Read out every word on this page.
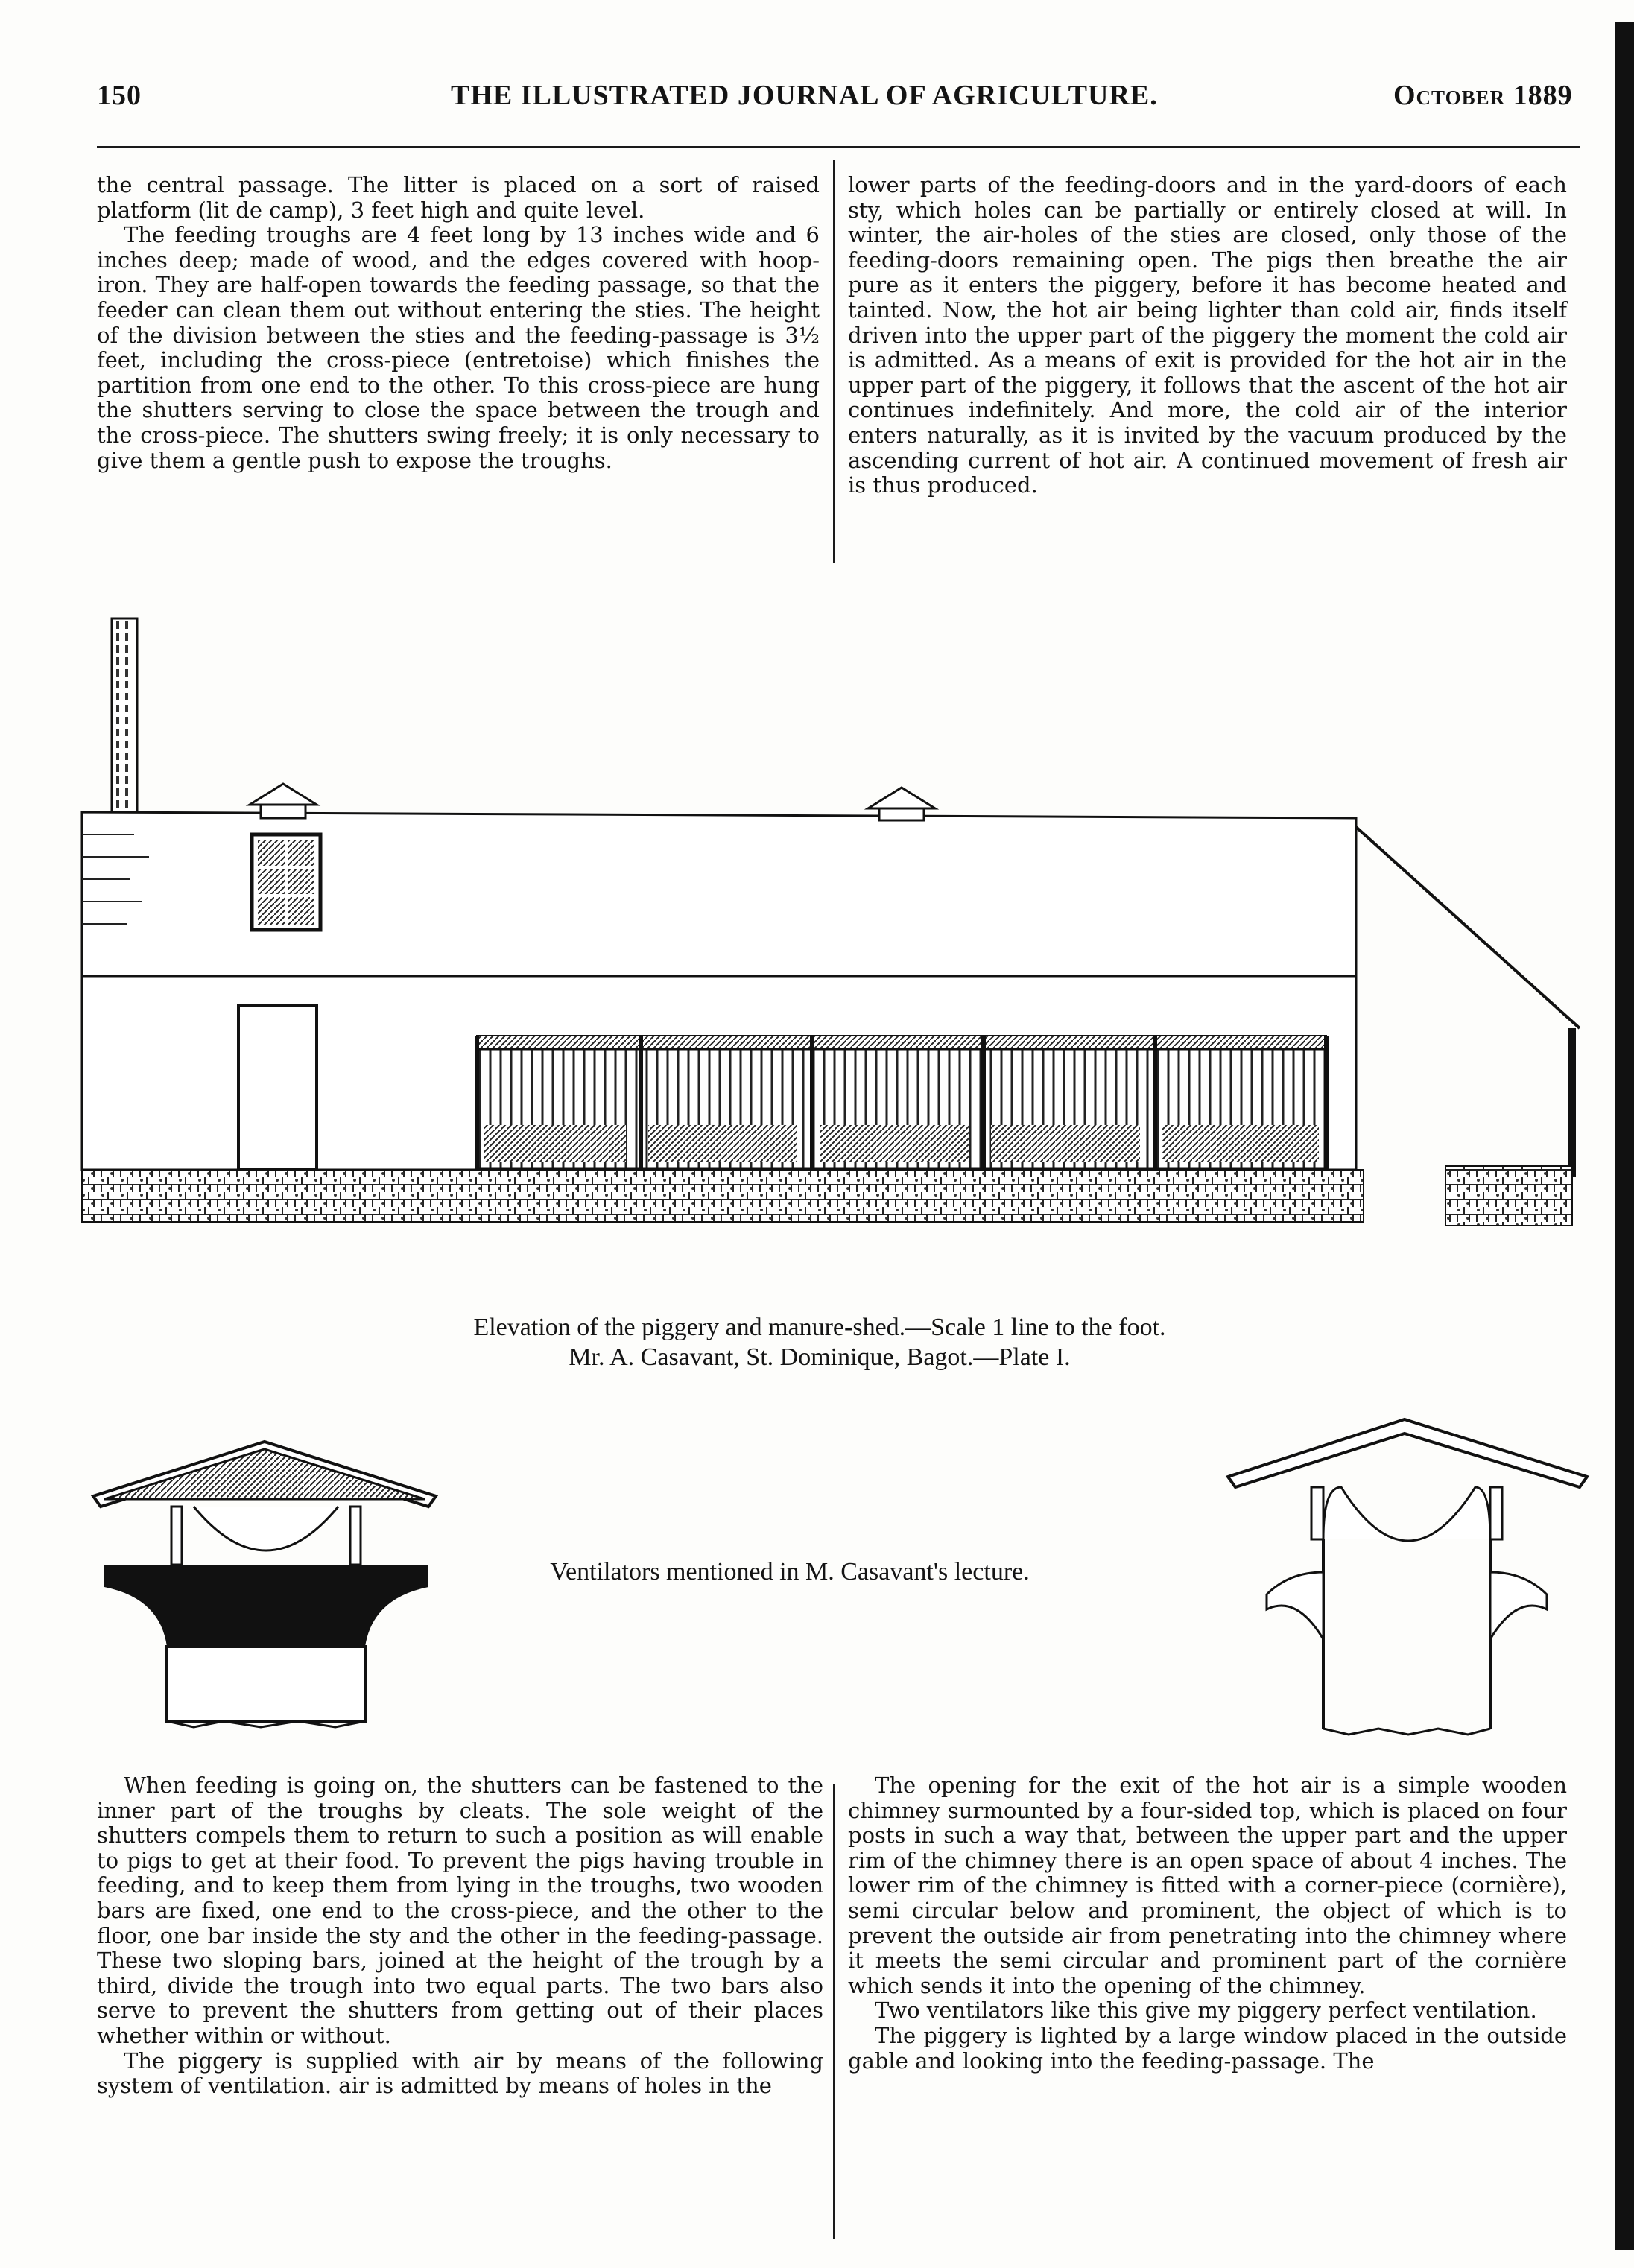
150	THE ILLUSTRATED JOURNAL OF AGRICULTURE.	October 1889

the central passage. The litter is placed on a sort of raised platform (lit de camp), 3 feet high and quite level.

The feeding troughs are 4 feet long by 13 inches wide and 6 inches deep; made of wood, and the edges covered with hoop-iron. They are half-open towards the feeding passage, so that the feeder can clean them out without entering the sties. The height of the division between the sties and the feeding-passage is 3½ feet, including the cross-piece (entretoise) which finishes the partition from one end to the other. To this cross-piece are hung the shutters serving to close the space between the trough and the cross-piece. The shutters swing freely; it is only necessary to give them a gentle push to expose the troughs.

lower parts of the feeding-doors and in the yard-doors of each sty, which holes can be partially or entirely closed at will. In winter, the air-holes of the sties are closed, only those of the feeding-doors remaining open. The pigs then breathe the air pure as it enters the piggery, before it has become heated and tainted. Now, the hot air being lighter than cold air, finds itself driven into the upper part of the piggery the moment the cold air is admitted. As a means of exit is provided for the hot air in the upper part of the piggery, it follows that the ascent of the hot air continues indefinitely. And more, the cold air of the interior enters naturally, as it is invited by the vacuum produced by the ascending current of hot air. A continued movement of fresh air is thus produced.

Elevation of the piggery and manure-shed.—Scale 1 line to the foot.
Mr. A. Casavant, St. Dominique, Bagot.—Plate I.
Ventilators mentioned in M. Casavant's lecture.

When feeding is going on, the shutters can be fastened to the inner part of the troughs by cleats. The sole weight of the shutters compels them to return to such a position as will enable to pigs to get at their food. To prevent the pigs having trouble in feeding, and to keep them from lying in the troughs, two wooden bars are fixed, one end to the cross-piece, and the other to the floor, one bar inside the sty and the other in the feeding-passage. These two sloping bars, joined at the height of the trough by a third, divide the trough into two equal parts. The two bars also serve to prevent the shutters from getting out of their places whether within or without.

The piggery is supplied with air by means of the following system of ventilation. air is admitted by means of holes in the

The opening for the exit of the hot air is a simple wooden chimney surmounted by a four-sided top, which is placed on four posts in such a way that, between the upper part and the upper rim of the chimney there is an open space of about 4 inches. The lower rim of the chimney is fitted with a corner-piece (cornière), semi circular below and prominent, the object of which is to prevent the outside air from penetrating into the chimney where it meets the semi circular and prominent part of the cornière which sends it into the opening of the chimney.

Two ventilators like this give my piggery perfect ventilation.

The piggery is lighted by a large window placed in the outside gable and looking into the feeding-passage. The
